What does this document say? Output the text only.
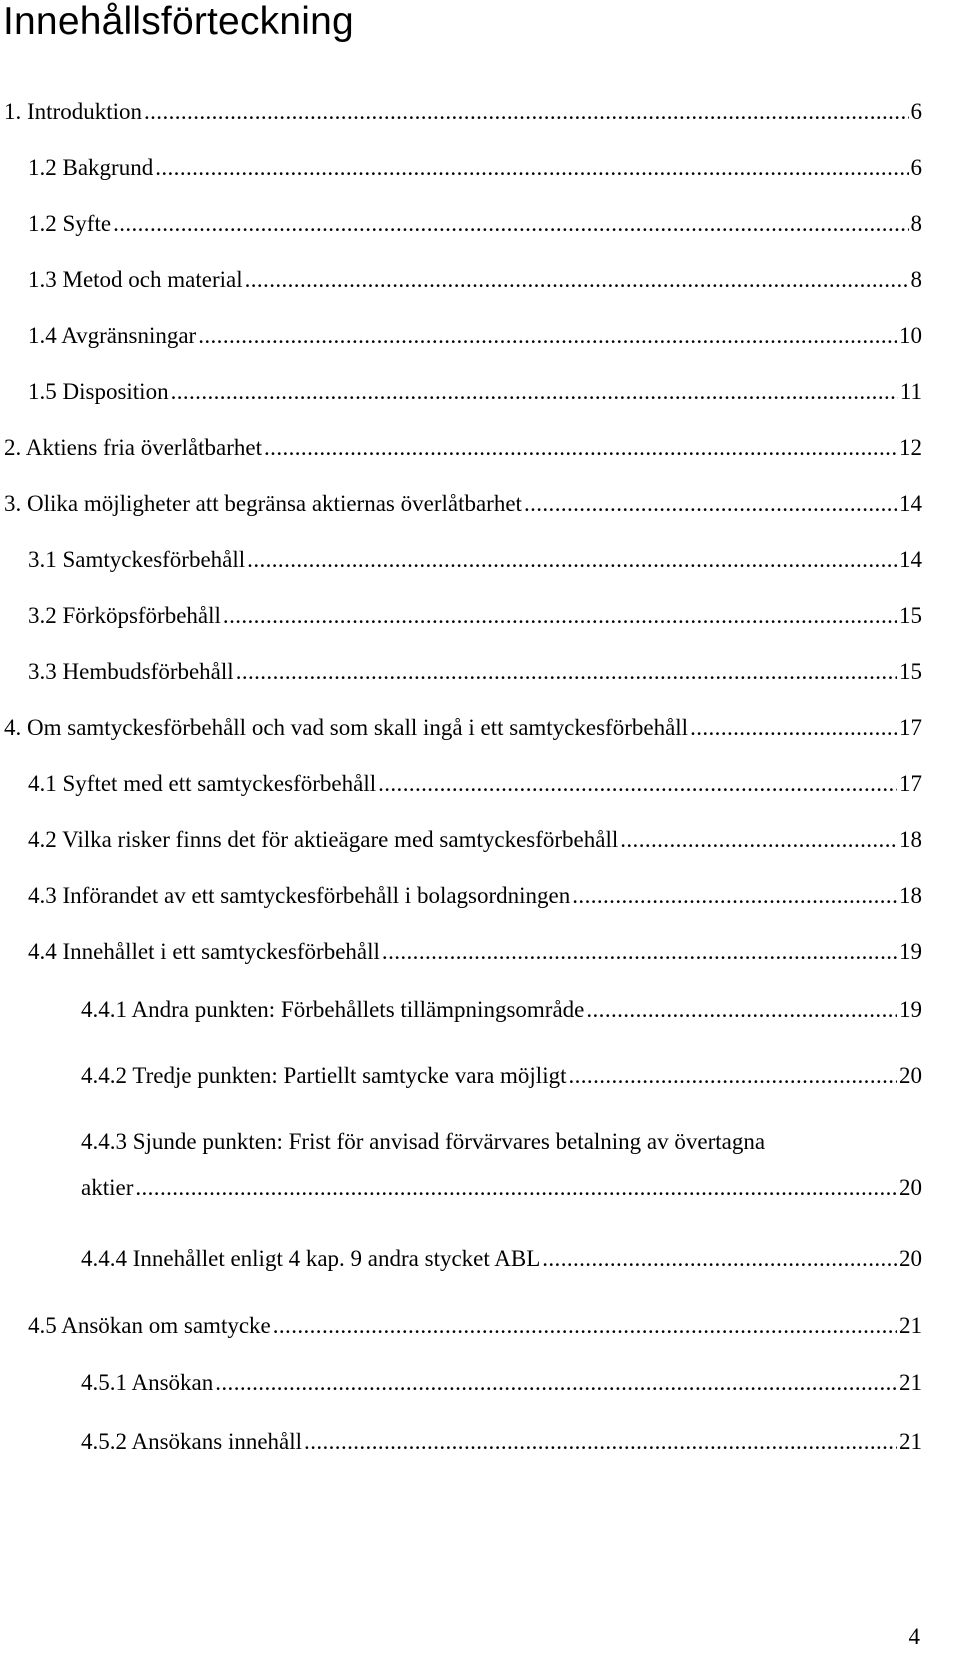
Innehållsförteckning
1. Introduktion .....	6
1.2 Bakgrund .....	6
1.2 Syfte .....	8
1.3 Metod och material .....	8
1.4 Avgränsningar .....	10
1.5 Disposition .....	11
2. Aktiens fria överlåtbarhet .....	12
3. Olika möjligheter att begränsa aktiernas överlåtbarhet .....	14
3.1 Samtyckesförbehåll .....	14
3.2 Förköpsförbehåll .....	15
3.3 Hembudsförbehåll .....	15
4. Om samtyckesförbehåll och vad som skall ingå i ett samtyckesförbehåll .....	17
4.1 Syftet med ett samtyckesförbehåll .....	17
4.2 Vilka risker finns det för aktieägare med samtyckesförbehåll .....	18
4.3 Införandet av ett samtyckesförbehåll i bolagsordningen .....	18
4.4 Innehållet i ett samtyckesförbehåll .....	19
4.4.1 Andra punkten: Förbehållets tillämpningsområde .....	19
4.4.2 Tredje punkten: Partiellt samtycke vara möjligt .....	20
4.4.3 Sjunde punkten: Frist för anvisad förvärvares betalning av övertagna
aktier .....	20
4.4.4 Innehållet enligt 4 kap. 9 andra stycket ABL .....	20
4.5 Ansökan om samtycke .....	21
4.5.1 Ansökan .....	21
4.5.2 Ansökans innehåll .....	21
4
